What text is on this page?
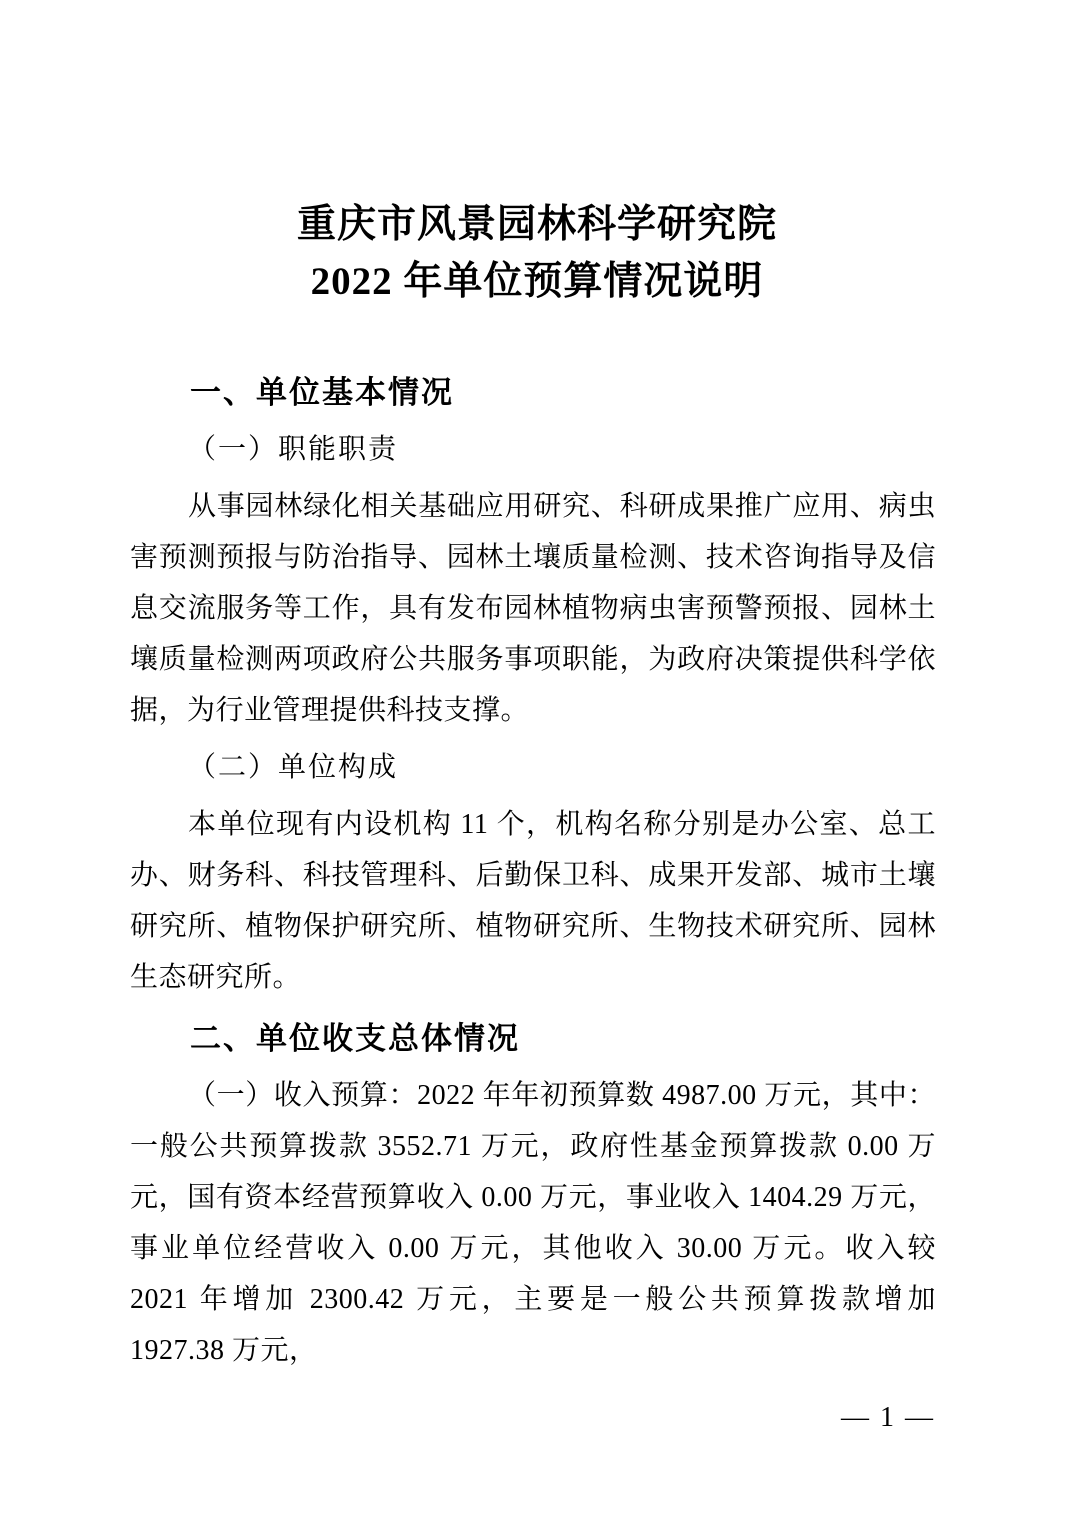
重庆市风景园林科学研究院
2022 年单位预算情况说明
一、单位基本情况

（一）职能职责

从事园林绿化相关基础应用研究、科研成果推广应用、病虫害预测预报与防治指导、园林土壤质量检测、技术咨询指导及信息交流服务等工作，具有发布园林植物病虫害预警预报、园林土壤质量检测两项政府公共服务事项职能，为政府决策提供科学依据，为行业管理提供科技支撑。

（二）单位构成

本单位现有内设机构 11 个，机构名称分别是办公室、总工办、财务科、科技管理科、后勤保卫科、成果开发部、城市土壤研究所、植物保护研究所、植物研究所、生物技术研究所、园林生态研究所。

二、单位收支总体情况

（一）收入预算：2022 年年初预算数 4987.00 万元，其中：一般公共预算拨款 3552.71 万元，政府性基金预算拨款 0.00 万元，国有资本经营预算收入 0.00 万元，事业收入 1404.29 万元，事业单位经营收入 0.00 万元，其他收入 30.00 万元。收入较 2021 年增加 2300.42 万元，主要是一般公共预算拨款增加 1927.38 万元，

— 1 —
